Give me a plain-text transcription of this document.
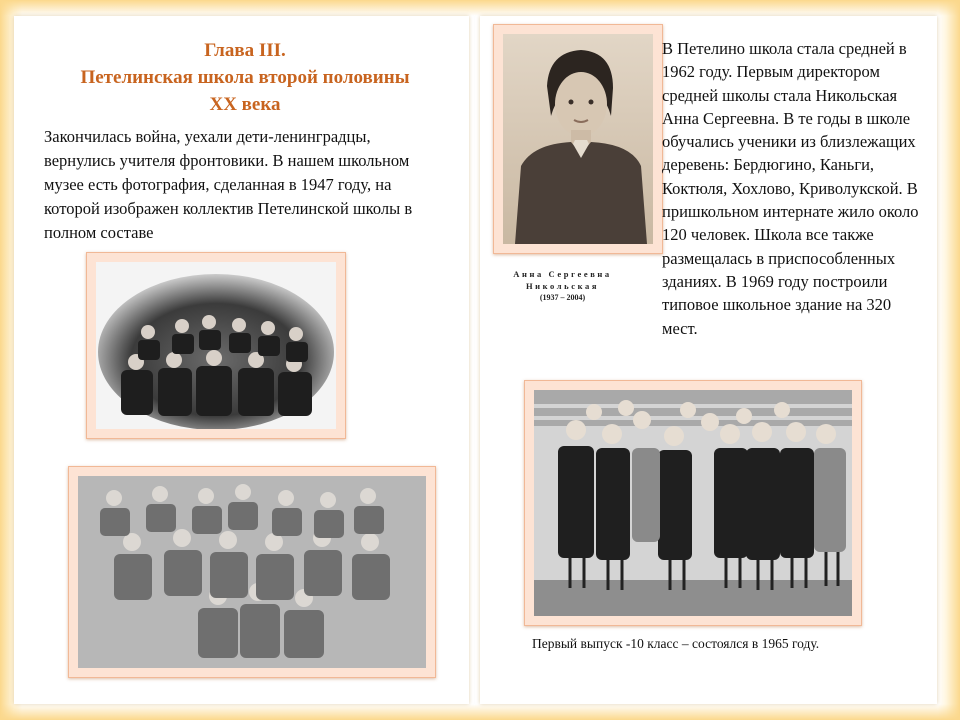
Глава III.
Петелинская школа второй половины
XX века
Закончилась война, уехали дети-ленинградцы, вернулись учителя фронтовики. В нашем школьном музее есть фотография, сделанная в 1947 году, на которой изображен коллектив Петелинской школы в полном составе
Анна Сергеевна
Никольская
(1937 – 2004)
В Петелино школа стала средней в 1962 году. Первым директором средней школы стала Никольская Анна Сергеевна. В те годы в школе обучались ученики из близлежащих деревень: Бердюгино, Каньги, Коктюля, Хохлово, Криволукской. В пришкольном интернате жило около 120 человек. Школа все также размещалась в приспособленных зданиях. В 1969 году построили типовое школьное здание на 320 мест.
Первый выпуск -10 класс – состоялся в 1965 году.
